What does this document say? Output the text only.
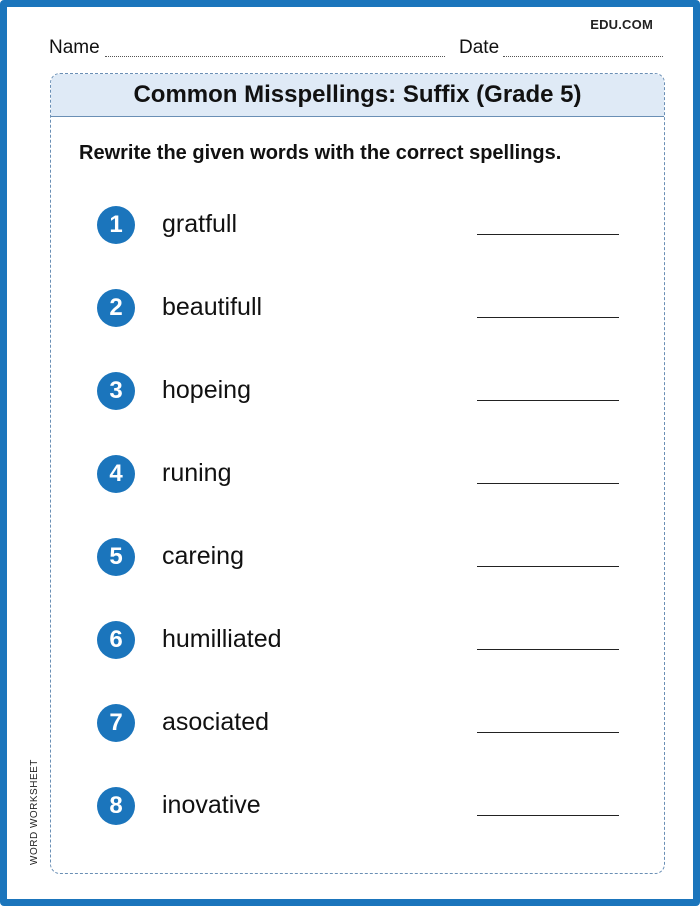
EDU.COM
Name	Date
Common Misspellings: Suffix (Grade 5)
Rewrite the given words with the correct spellings.
1	gratfull
2	beautifull
3	hopeing
4	runing
5	careing
6	humilliated
7	asociated
8	inovative
WORD WORKSHEET
